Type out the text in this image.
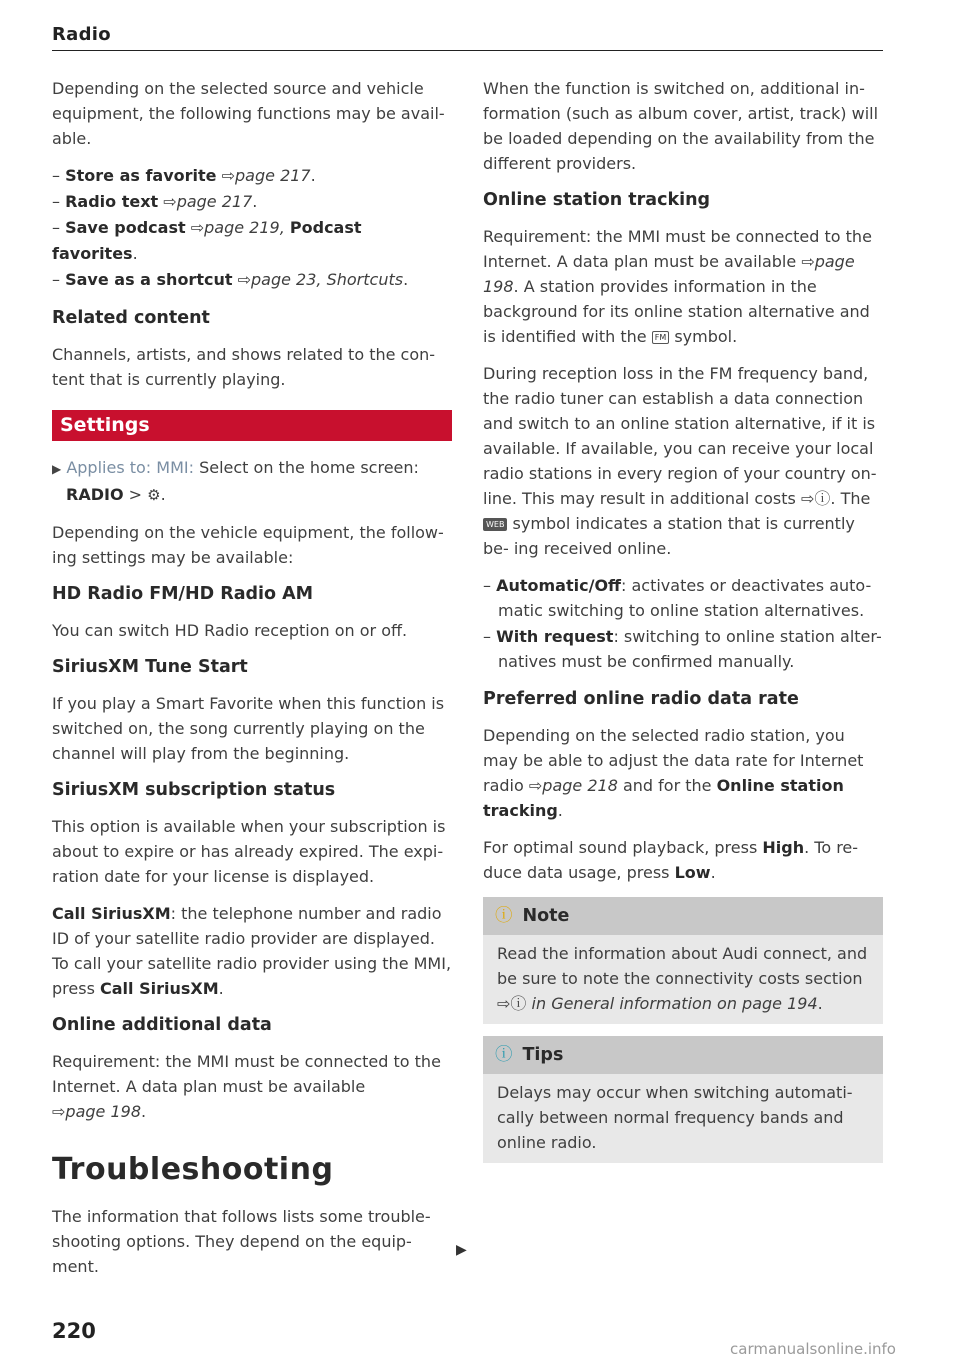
Radio

Depending on the selected source and vehicle equipment, the following functions may be avail- able.

– Store as favorite ⇨page 217.
– Radio text ⇨page 217.
– Save podcast ⇨page 219, Podcast favorites.
– Save as a shortcut ⇨page 23, Shortcuts.
Related content

Channels, artists, and shows related to the con- tent that is currently playing.

Settings

▶ Applies to: MMI: Select on the home screen:
RADIO > ⚙.

Depending on the vehicle equipment, the follow- ing settings may be available:

HD Radio FM/HD Radio AM

You can switch HD Radio reception on or off.

SiriusXM Tune Start

If you play a Smart Favorite when this function is switched on, the song currently playing on the channel will play from the beginning.

SiriusXM subscription status

This option is available when your subscription is about to expire or has already expired. The expi- ration date for your license is displayed.

Call SiriusXM: the telephone number and radio ID of your satellite radio provider are displayed. To call your satellite radio provider using the MMI, press Call SiriusXM.

Online additional data

Requirement: the MMI must be connected to the Internet. A data plan must be available
⇨page 198.

Troubleshooting

The information that follows lists some trouble- shooting options. They depend on the equip- ment.

When the function is switched on, additional in- formation (such as album cover, artist, track) will be loaded depending on the availability from the different providers.

Online station tracking

Requirement: the MMI must be connected to the Internet. A data plan must be available ⇨page 198. A station provides information in the background for its online station alternative and is identified with the FM symbol.

During reception loss in the FM frequency band, the radio tuner can establish a data connection and switch to an online station alternative, if it is available. If available, you can receive your local radio stations in every region of your country on- line. This may result in additional costs ⇨ⓘ. The
WEB symbol indicates a station that is currently be- ing received online.

– Automatic/Off: activates or deactivates auto- matic switching to online station alternatives.
– With request: switching to online station alter- natives must be confirmed manually.
Preferred online radio data rate

Depending on the selected radio station, you may be able to adjust the data rate for Internet radio ⇨page 218 and for the Online station tracking.

For optimal sound playback, press High. To re- duce data usage, press Low.

ⓘ Note

Read the information about Audi connect, and be sure to note the connectivity costs section ⇨ⓘ in General information on page 194.

ⓘ Tips

Delays may occur when switching automati- cally between normal frequency bands and online radio.

▶
220
carmanualsonline.info
